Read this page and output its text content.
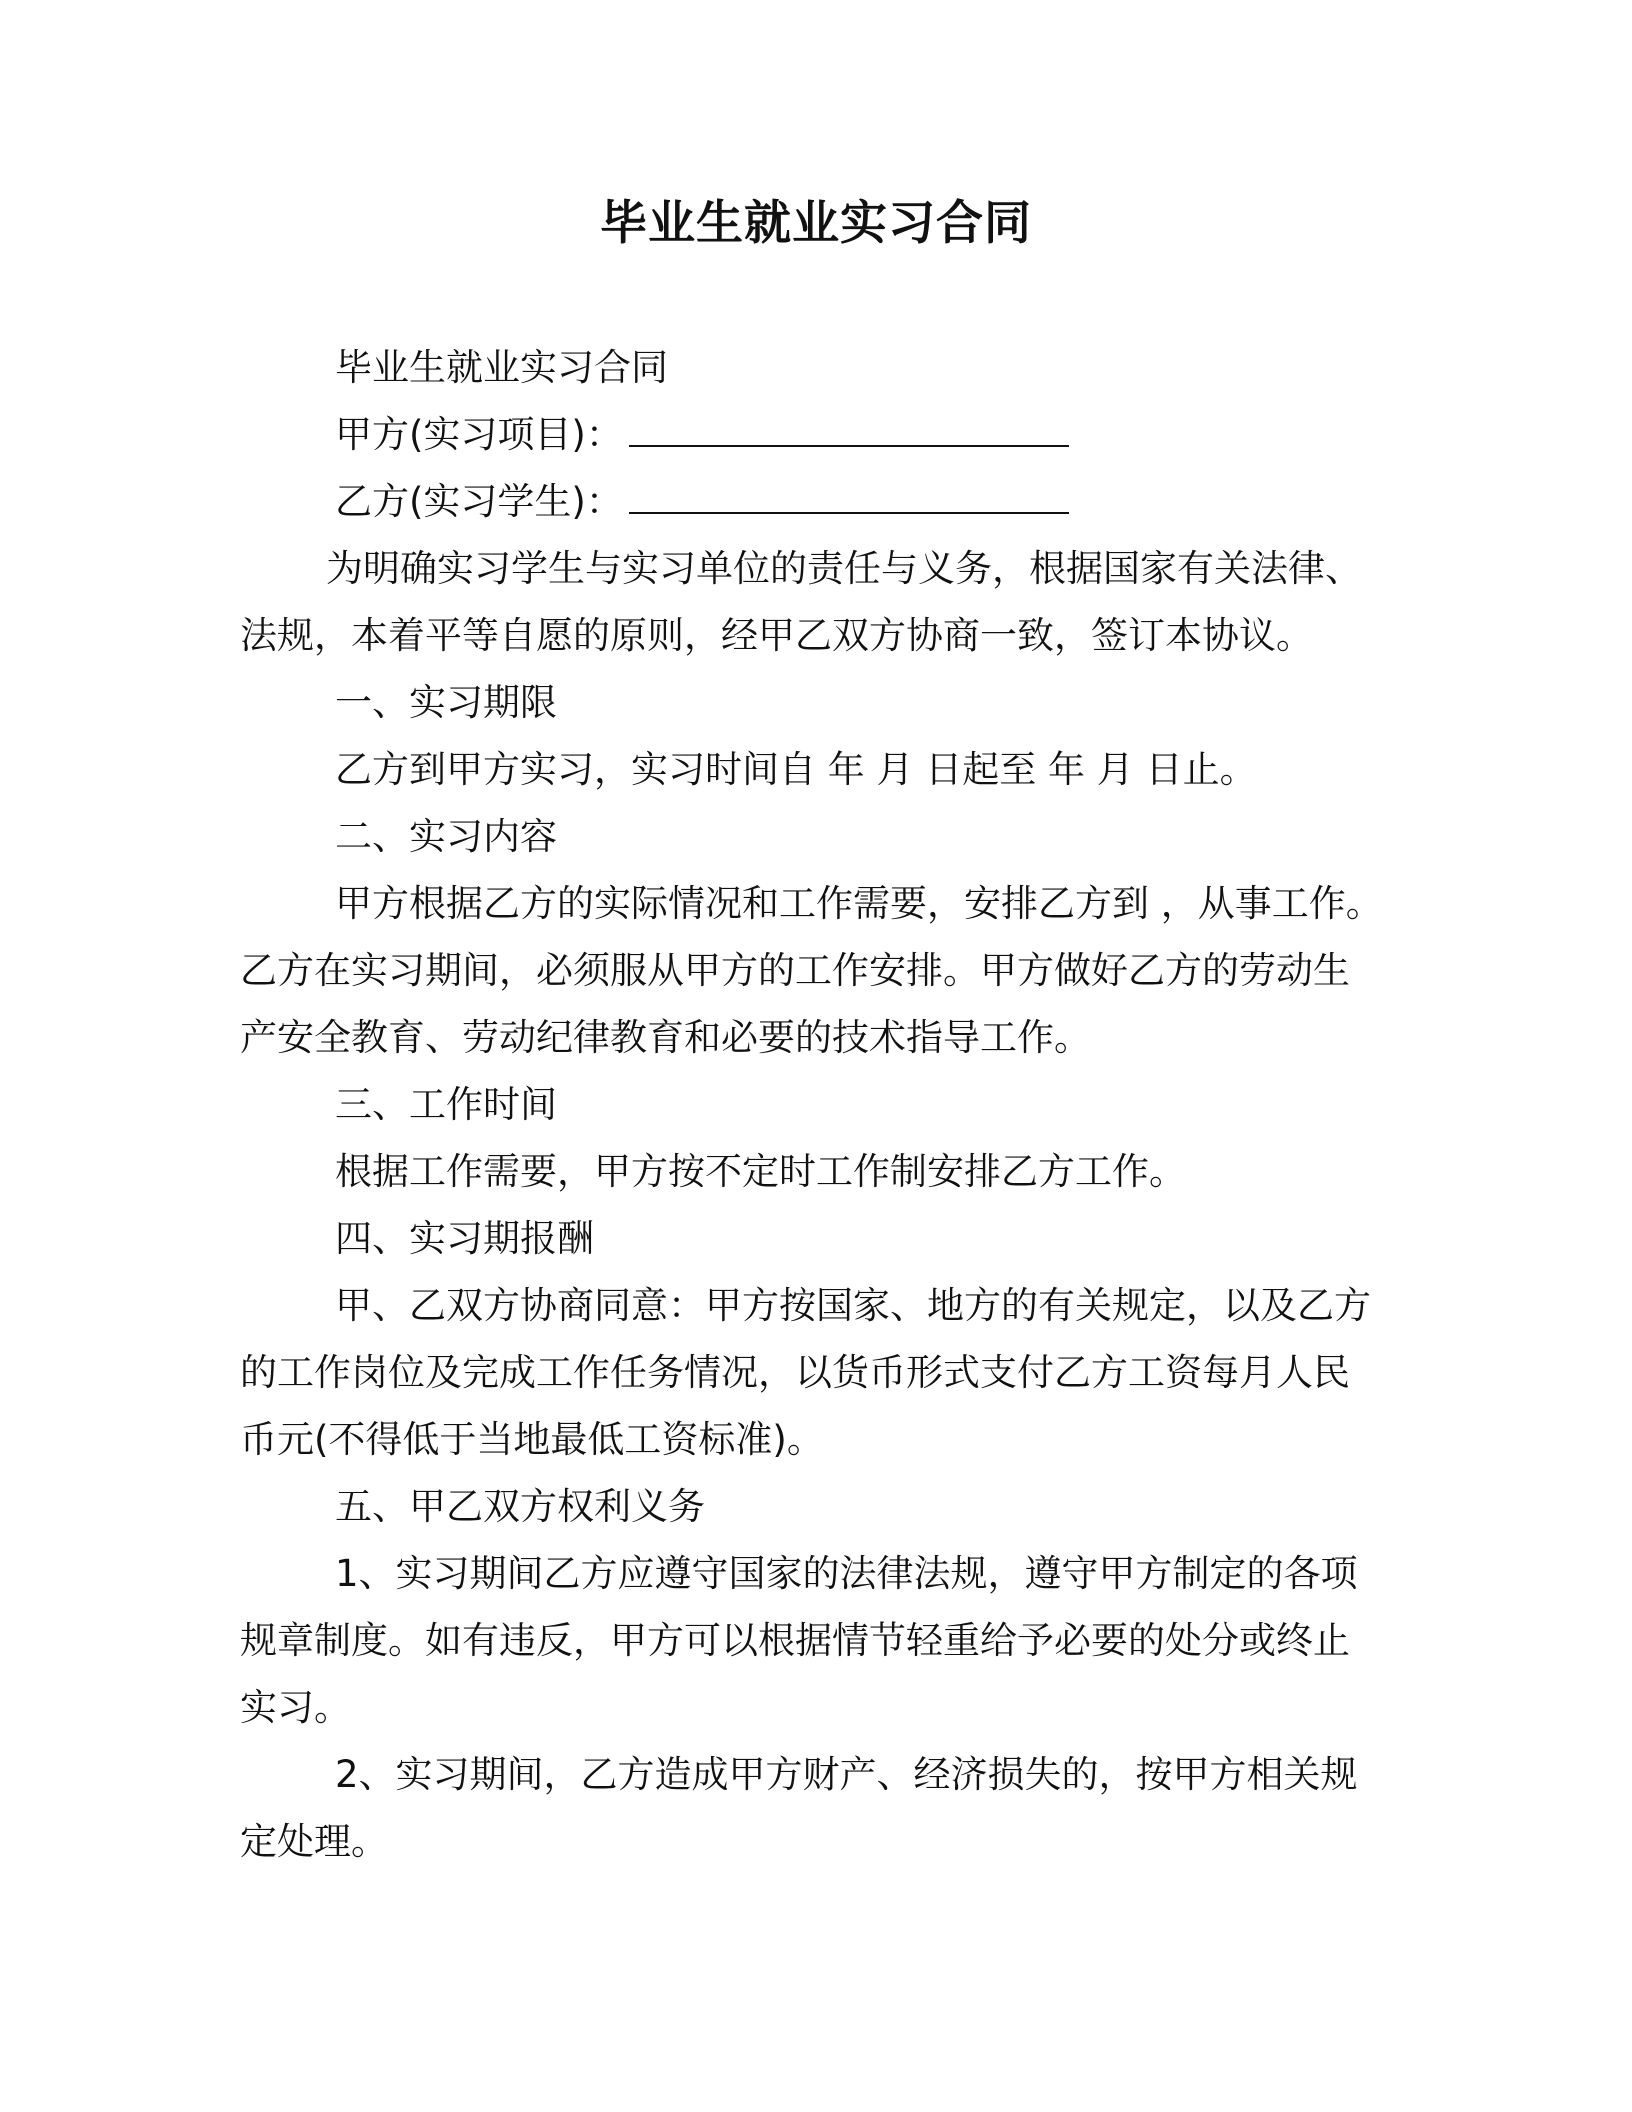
毕业生就业实习合同

毕业生就业实习合同

甲方(实习项目)：

乙方(实习学生)：

为明确实习学生与实习单位的责任与义务，根据国家有关法律、

法规，本着平等自愿的原则，经甲乙双方协商一致，签订本协议。

一、实习期限

乙方到甲方实习，实习时间自 年 月 日起至 年 月 日止。

二、实习内容

甲方根据乙方的实际情况和工作需要，安排乙方到 ，从事工作。

乙方在实习期间，必须服从甲方的工作安排。甲方做好乙方的劳动生

产安全教育、劳动纪律教育和必要的技术指导工作。

三、工作时间

根据工作需要，甲方按不定时工作制安排乙方工作。

四、实习期报酬

甲、乙双方协商同意：甲方按国家、地方的有关规定，以及乙方

的工作岗位及完成工作任务情况，以货币形式支付乙方工资每月人民

币元(不得低于当地最低工资标准)。

五、甲乙双方权利义务

1、实习期间乙方应遵守国家的法律法规，遵守甲方制定的各项

规章制度。如有违反，甲方可以根据情节轻重给予必要的处分或终止

实习。

2、实习期间，乙方造成甲方财产、经济损失的，按甲方相关规

定处理。
